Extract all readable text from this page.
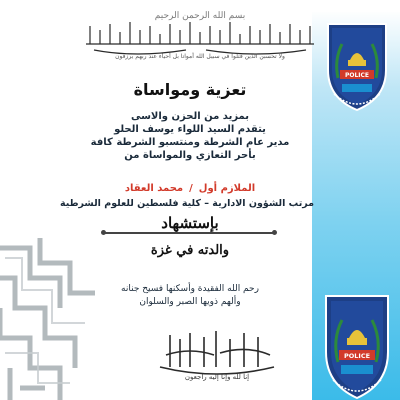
POLICE
POLICE
بسم الله الرحمن الرحيم
ولا تحسبن الذين قتلوا في سبيل الله أمواتا بل أحياء عند ربهم يرزقون
تعزية ومواساة
بمزيد من الحزن والاسى
يتقدم السيد اللواء يوسف الحلو
مدير عام الشرطة ومنتسبو الشرطة كافة
بأحر التعازي والمواساة من
الملازم أول/محمد العقاد
مرتب الشؤون الادارية – كلية فلسطين للعلوم الشرطية
بإستشهاد
والدته في غزة
رحم الله الفقيدة وأسكنها فسيح جنانه
وألهم ذويها الصبر والسلوان
إنا لله وإنا إليه راجعون
